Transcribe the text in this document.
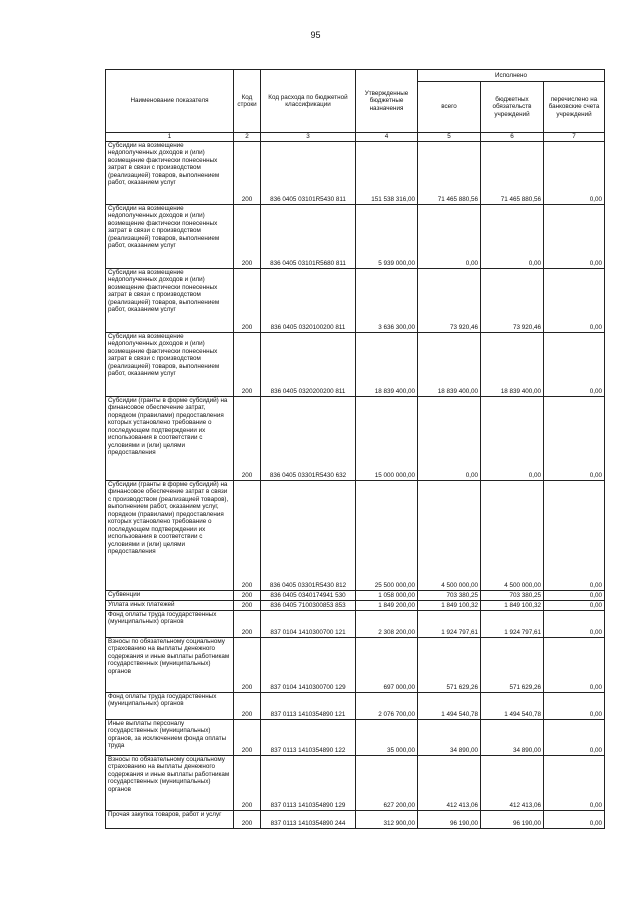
95
Наименование показателя	Код строки	Код расхода по бюджетной классификации	Утвержденные бюджетные назначения	Исполнено		
				всего	бюджетных обязательств учреждений	перечислено на банковские счета учреждений
1	2	3	4	5	6	7
Субсидии на возмещение недополученных доходов и (или) возмещение фактически понесенных затрат в связи с производством (реализацией) товаров, выполнением работ, оказанием услуг	200	836 0405 03101R5430 811	151 538 316,00	71 465 880,56	71 465 880,56	0,00
Субсидии на возмещение недополученных доходов и (или) возмещение фактически понесенных затрат в связи с производством (реализацией) товаров, выполнением работ, оказанием услуг	200	836 0405 03101R5680 811	5 939 000,00	0,00	0,00	0,00
Субсидии на возмещение недополученных доходов и (или) возмещение фактически понесенных затрат в связи с производством (реализацией) товаров, выполнением работ, оказанием услуг	200	836 0405 0320100200 811	3 636 300,00	73 920,46	73 920,46	0,00
Субсидии на возмещение недополученных доходов и (или) возмещение фактически понесенных затрат в связи с производством (реализацией) товаров, выполнением работ, оказанием услуг	200	836 0405 0320200200 811	18 839 400,00	18 839 400,00	18 839 400,00	0,00
Субсидии (гранты в форме субсидий) на финансовое обеспечение затрат, порядком (правилами) предоставления которых установлено требование о последующем подтверждении их использования в соответствии с условиями и (или) целями предоставления	200	836 0405 03301R5430 632	15 000 000,00	0,00	0,00	0,00
Субсидии (гранты в форме субсидий) на финансовое обеспечение затрат в связи с производством (реализацией товаров), выполнением работ, оказанием услуг, порядком (правилами) предоставления которых установлено требование о последующем подтверждении их использования в соответствии с условиями и (или) целями предоставления	200	836 0405 03301R5430 812	25 500 000,00	4 500 000,00	4 500 000,00	0,00
Субвенции	200	836 0405 0340174941 530	1 058 000,00	703 380,25	703 380,25	0,00
Уплата иных платежей	200	836 0405 7100300853 853	1 849 200,00	1 849 100,32	1 849 100,32	0,00
Фонд оплаты труда государственных (муниципальных) органов	200	837 0104 1410300700 121	2 308 200,00	1 924 797,61	1 924 797,61	0,00
Взносы по обязательному социальному страхованию на выплаты денежного содержания и иные выплаты работникам государственных (муниципальных) органов	200	837 0104 1410300700 129	697 000,00	571 629,26	571 629,26	0,00
Фонд оплаты труда государственных (муниципальных) органов	200	837 0113 1410354890 121	2 076 700,00	1 494 540,78	1 494 540,78	0,00
Иные выплаты персоналу государственных (муниципальных) органов, за исключением фонда оплаты труда	200	837 0113 1410354890 122	35 000,00	34 890,00	34 890,00	0,00
Взносы по обязательному социальному страхованию на выплаты денежного содержания и иные выплаты работникам государственных (муниципальных) органов	200	837 0113 1410354890 129	627 200,00	412 413,06	412 413,06	0,00
Прочая закупка товаров, работ и услуг	200	837 0113 1410354890 244	312 900,00	96 190,00	96 190,00	0,00
